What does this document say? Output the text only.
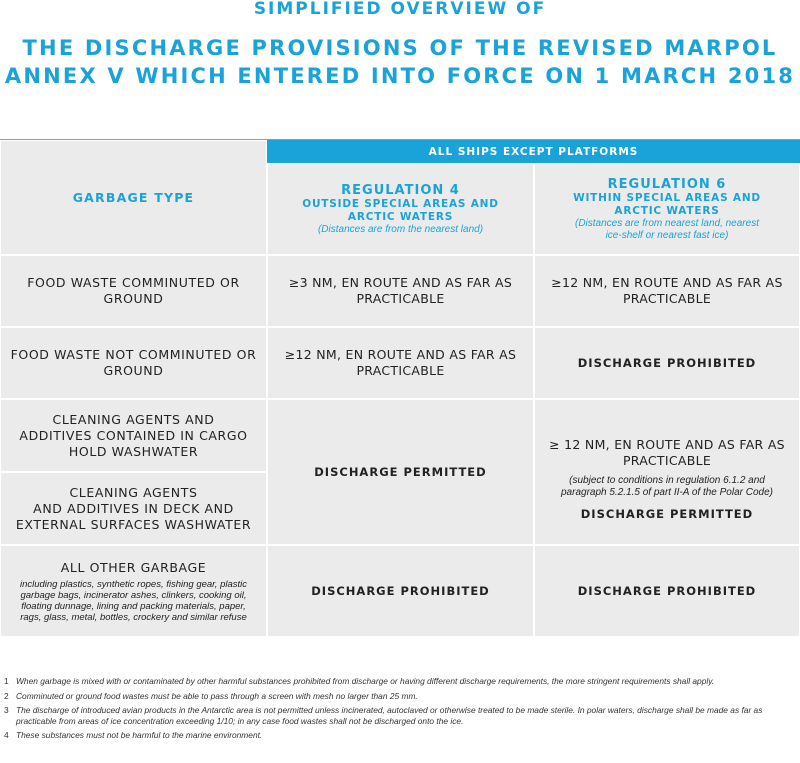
SIMPLIFIED OVERVIEW OF
THE DISCHARGE PROVISIONS OF THE REVISED MARPOL
ANNEX V WHICH ENTERED INTO FORCE ON 1 MARCH 2018
GARBAGE TYPE
ALL SHIPS EXCEPT PLATFORMS
REGULATION 4
OUTSIDE SPECIAL AREAS AND
ARCTIC WATERS
(Distances are from the nearest land)
REGULATION 6
WITHIN SPECIAL AREAS AND
ARCTIC WATERS
(Distances are from nearest land, nearest
ice-shelf or nearest fast ice)
FOOD WASTE COMMINUTED OR
GROUND
≥3 NM, EN ROUTE AND AS FAR AS
PRACTICABLE
≥12 NM, EN ROUTE AND AS FAR AS
PRACTICABLE
FOOD WASTE NOT COMMINUTED OR
GROUND
≥12 NM, EN ROUTE AND AS FAR AS
PRACTICABLE	DISCHARGE PROHIBITED
CLEANING AGENTS AND
ADDITIVES CONTAINED IN CARGO
HOLD WASHWATER
CLEANING AGENTS
AND ADDITIVES IN DECK AND
EXTERNAL SURFACES WASHWATER
DISCHARGE PERMITTED
≥ 12 NM, EN ROUTE AND AS FAR AS
PRACTICABLE
(subject to conditions in regulation 6.1.2 and
paragraph 5.2.1.5 of part II-A of the Polar Code)
DISCHARGE PERMITTED
ALL OTHER GARBAGE
including plastics, synthetic ropes, fishing gear, plastic
garbage bags, incinerator ashes, clinkers, cooking oil,
floating dunnage, lining and packing materials, paper,
rags, glass, metal, bottles, crockery and similar refuse
DISCHARGE PROHIBITED	DISCHARGE PROHIBITED
1 When garbage is mixed with or contaminated by other harmful substances prohibited from discharge or having different discharge requirements, the more stringent requirements shall apply.
2 Comminuted or ground food wastes must be able to pass through a screen with mesh no larger than 25 mm.
3 The discharge of introduced avian products in the Antarctic area is not permitted unless incinerated, autoclaved or otherwise treated to be made sterile. In polar waters, discharge shall be made as far as practicable from areas of ice concentration exceeding 1/10; in any case food wastes shall not be discharged onto the ice.
4 These substances must not be harmful to the marine environment.
